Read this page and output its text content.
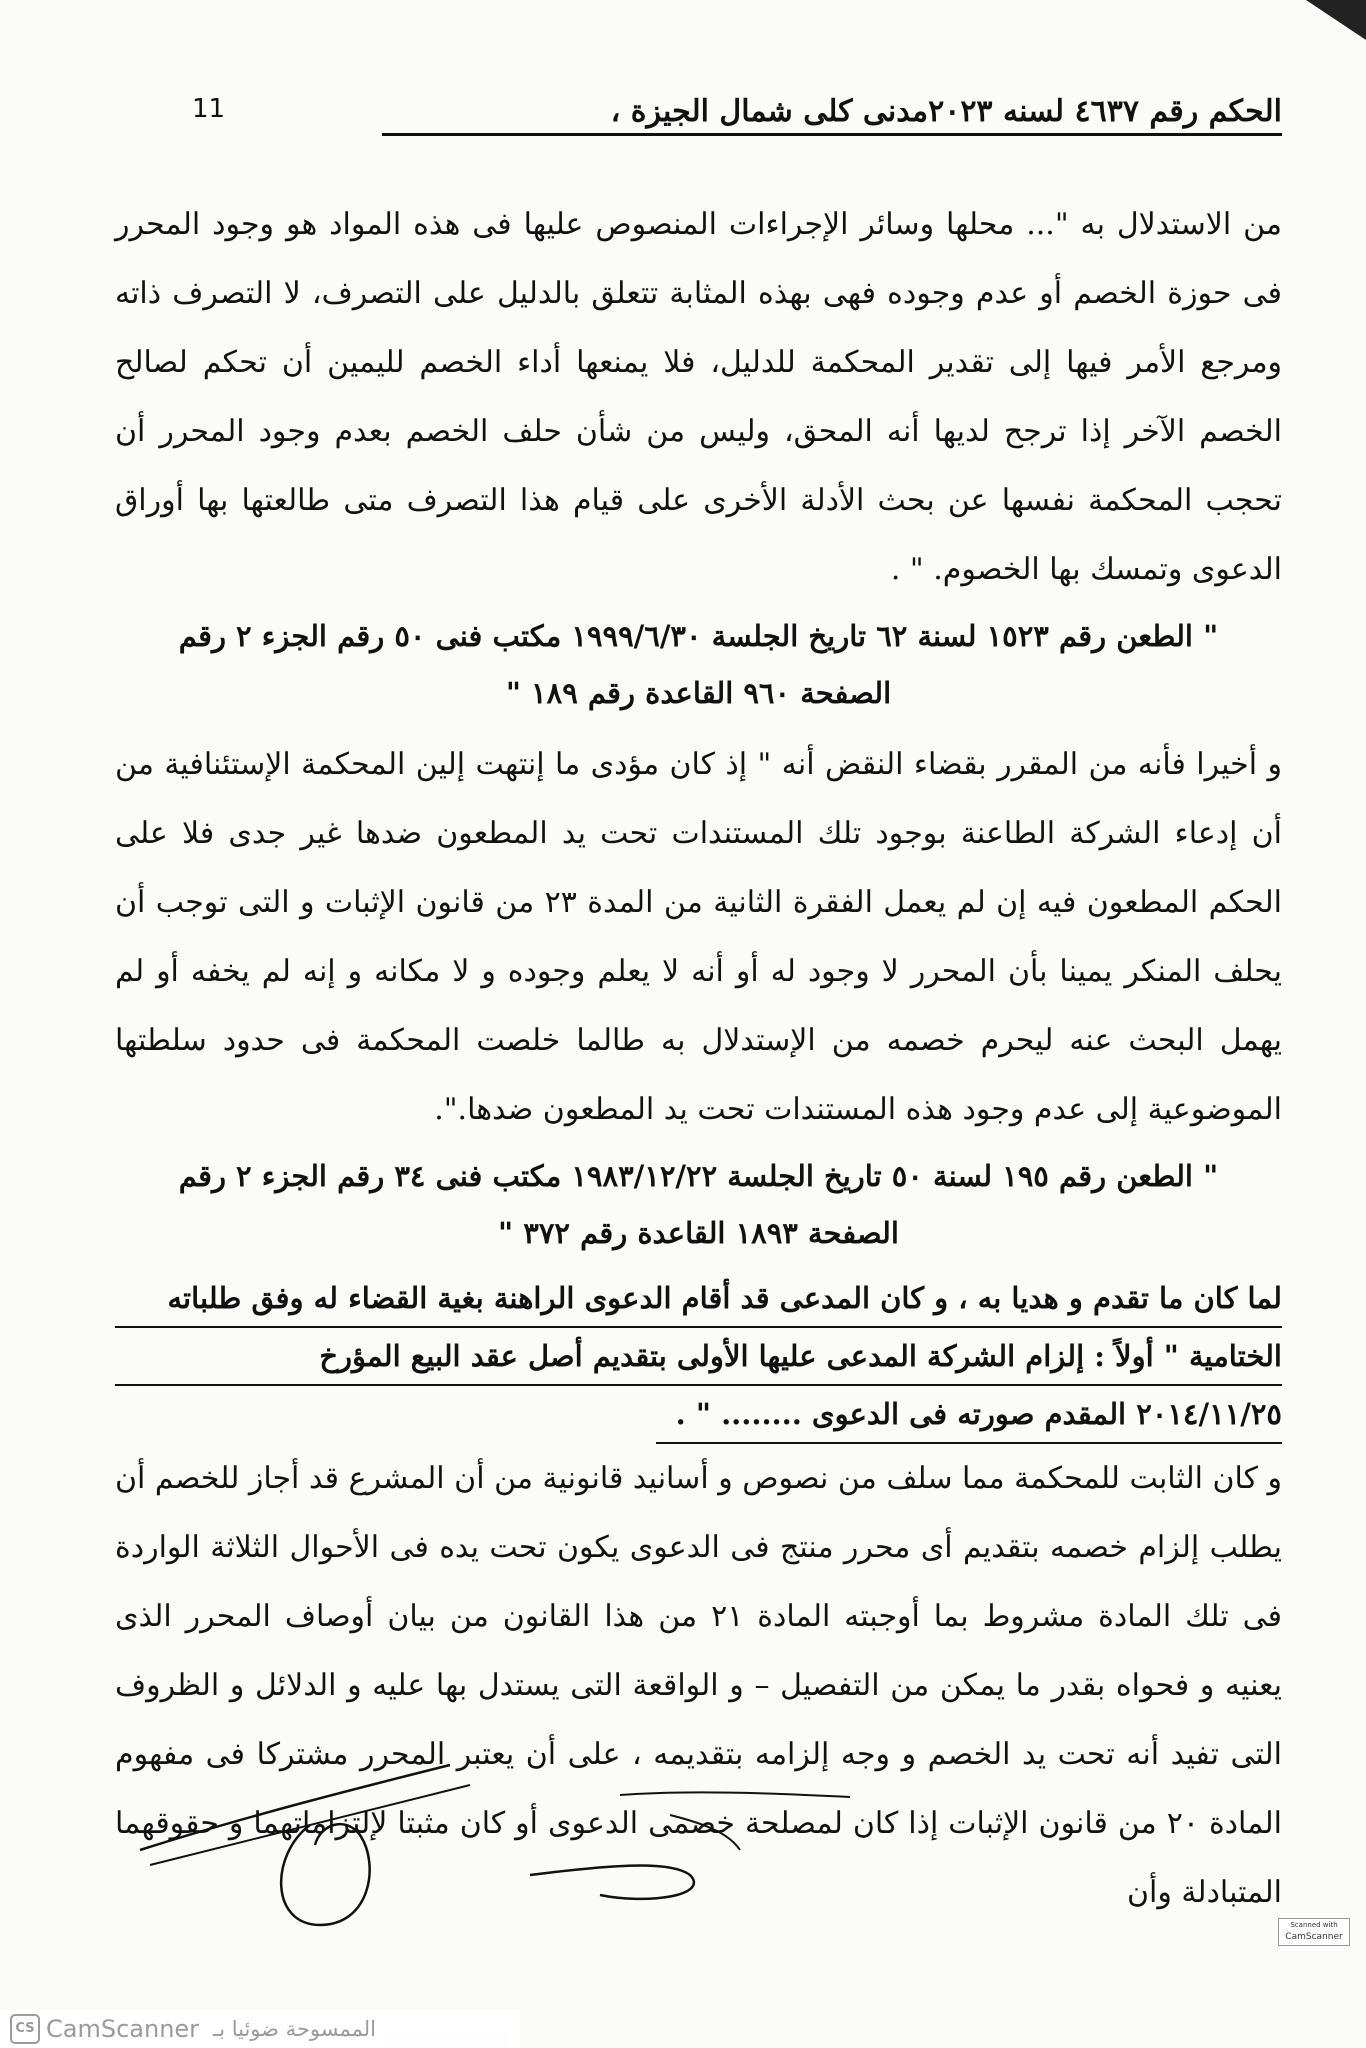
11	الحكم رقم ٤٦٣٧ لسنه ٢٠٢٣مدنى كلى شمال الجيزة ،

من الاستدلال به "... محلها وسائر الإجراءات المنصوص عليها فى هذه المواد هو وجود المحرر فى حوزة الخصم أو عدم وجوده فهى بهذه المثابة تتعلق بالدليل على التصرف، لا التصرف ذاته ومرجع الأمر فيها إلى تقدير المحكمة للدليل، فلا يمنعها أداء الخصم لليمين أن تحكم لصالح الخصم الآخر إذا ترجح لديها أنه المحق، وليس من شأن حلف الخصم بعدم وجود المحرر أن تحجب المحكمة نفسها عن بحث الأدلة الأخرى على قيام هذا التصرف متى طالعتها بها أوراق الدعوى وتمسك بها الخصوم. " .

" الطعن رقم ١٥٢٣ لسنة ٦٢ تاريخ الجلسة ١٩٩٩/٦/٣٠ مكتب فنى ٥٠ رقم الجزء ٢ رقم
الصفحة ٩٦٠ القاعدة رقم ١٨٩ "

و أخيرا فأنه من المقرر بقضاء النقض أنه " إذ كان مؤدى ما إنتهت إلين المحكمة الإستئنافية من أن إدعاء الشركة الطاعنة بوجود تلك المستندات تحت يد المطعون ضدها غير جدى فلا على الحكم المطعون فيه إن لم يعمل الفقرة الثانية من المدة ٢٣ من قانون الإثبات و التى توجب أن يحلف المنكر يمينا بأن المحرر لا وجود له أو أنه لا يعلم وجوده و لا مكانه و إنه لم يخفه أو لم يهمل البحث عنه ليحرم خصمه من الإستدلال به طالما خلصت المحكمة فى حدود سلطتها الموضوعية إلى عدم وجود هذه المستندات تحت يد المطعون ضدها.".

" الطعن رقم ١٩٥ لسنة ٥٠ تاريخ الجلسة ١٩٨٣/١٢/٢٢ مكتب فنى ٣٤ رقم الجزء ٢ رقم
الصفحة ١٨٩٣ القاعدة رقم ٣٧٢ "
لما كان ما تقدم و هديا به ، و كان المدعى قد أقام الدعوى الراهنة بغية القضاء له وفق طلباته
الختامية " أولاً : إلزام الشركة المدعى عليها الأولى بتقديم أصل عقد البيع المؤرخ
٢٠١٤/١١/٢٥ المقدم صورته فى الدعوى ........ " .

و كان الثابت للمحكمة مما سلف من نصوص و أسانيد قانونية من أن المشرع قد أجاز للخصم أن يطلب إلزام خصمه بتقديم أى محرر منتج فى الدعوى يكون تحت يده فى الأحوال الثلاثة الواردة فى تلك المادة مشروط بما أوجبته المادة ٢١ من هذا القانون من بيان أوصاف المحرر الذى يعنيه و فحواه بقدر ما يمكن من التفصيل – و الواقعة التى يستدل بها عليه و الدلائل و الظروف التى تفيد أنه تحت يد الخصم و وجه إلزامه بتقديمه ، على أن يعتبر المحرر مشتركا فى مفهوم المادة ٢٠ من قانون الإثبات إذا كان لمصلحة خصمى الدعوى أو كان مثبتا لإلتزاماتهما و حقوقهما المتبادلة وأن

Scanned with
CamScanner
CS CamScanner الممسوحة ضوئيا بـ
